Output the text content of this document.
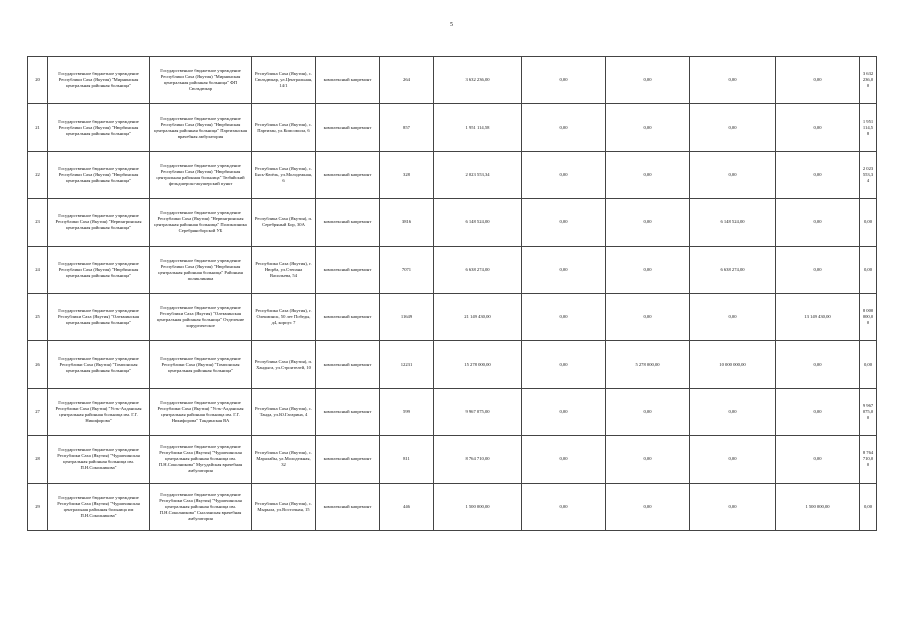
5
20	Государственное бюджетное учреждение Республики Саха (Якутия) "Мирнинская центральная районная больница"	Государственное бюджетное учреждение Республики Саха (Якутия) "Мирнинская центральная районная больница" ФП Сюльдюкар	Республика Саха (Якутия), с. Сюльдюкар, ул.Центральная, 14/1	комплексный капремонт	264	3 632 236,00	0,00	0,00	0,00	0,00	3 632 236,00
21	Государственное бюджетное учреждение Республики Саха (Якутия) "Нюрбинская центральная районная больница"	Государственное бюджетное учреждение Республики Саха (Якутия) "Нюрбинская центральная районная больница" Партизанская врачебная амбулатория	Республика Саха (Якутия), с. Партизан, ул.Комсомола, 6	комплексный капремонт	857	1 951 114,58	0,00	0,00	0,00	0,00	1 951 114,58
22	Государственное бюджетное учреждение Республики Саха (Якутия) "Нюрбинская центральная районная больница"	Государственное бюджетное учреждение Республики Саха (Якутия) "Нюрбинская центральная районная больница" Тюбяйский фельдшерско-акушерский пункт	Республика Саха (Якутия), с. Бясь-Кюёль, ул.Молодежная, 6	комплексный капремонт	328	2 023 553,34	0,00	0,00	0,00	0,00	2 023 553,34
23	Государственное бюджетное учреждение Республики Саха (Якутия) "Нерюнгринская центральная районная больница"	Государственное бюджетное учреждение Республики Саха (Якутия) "Нерюнгринская центральная районная больница" Поликлиника Серебряноборской УБ	Республика Саха (Якутия), п. Серебряный Бор, 30А	комплексный капремонт	3816	6 148 524,00	0,00	0,00	6 148 524,00	0,00	0,00
24	Государственное бюджетное учреждение Республики Саха (Якутия) "Нюрбинская центральная районная больница"	Государственное бюджетное учреждение Республики Саха (Якутия) "Нюрбинская центральная районная больница" Районная поликлиника	Республика Саха (Якутия), г. Нюрба, ул.Степана Васильева, 54	комплексный капремонт	7071	6 638 274,00	0,00	0,00	6 638 274,00	0,00	0,00
25	Государственное бюджетное учреждение Республики Саха (Якутия) "Олекминская центральная районная больница"	Государственное бюджетное учреждение Республики Саха (Якутия) "Олекминская центральная районная больница" Отделение хирургическое	Республика Саха (Якутия), г. Олекминск, 50 лет Победы, д4, корпус 7	комплексный капремонт	11649	21 149 430,00	0,00	0,00	0,00	13 149 430,00	8 000 000,00
26	Государственное бюджетное учреждение Республики Саха (Якутия) "Томпонская центральная районная больница"	Государственное бюджетное учреждение Республики Саха (Якутия) "Томпонская центральная районная больница"	Республика Саха (Якутия), п. Хандыга, ул.Строителей, 10	комплексный капремонт	12231	15 278 000,00	0,00	5 278 000,00	10 000 000,00	0,00	0,00
27	Государственное бюджетное учреждение Республики Саха (Якутия) "Усть-Алданская центральная районная больница им. Г.Г. Никифорова"	Государственное бюджетное учреждение Республики Саха (Якутия) "Усть-Алданская центральная районная больница им. Г.Г. Никифорова" Тандинская ВА	Республика Саха (Якутия), с. Танда, ул.Ю.Гагарина, 4	комплексный капремонт	599	9 967 075,00	0,00	0,00	0,00	0,00	9 967 075,00
28	Государственное бюджетное учреждение Республики Саха (Якутия) "Чурапчинская центральная районная больница им. П.Н.Соколникова"	Государственное бюджетное учреждение Республики Саха (Якутия) "Чурапчинская центральная районная больница им. П.Н.Соколникова" Мугудайская врачебная амбулатория	Республика Саха (Якутия), с. Маралайы, ул.Молодежная, 32	комплексный капремонт	811	8 764 710,00	0,00	0,00	0,00	0,00	8 764 710,00
29	Государственное бюджетное учреждение Республики Саха (Якутия) "Чурапчинская центральная районная больница им П.Н.Соколникова"	Государственное бюджетное учреждение Республики Саха (Якутия) "Чурапчинская центральная районная больница им. П.Н.Соколникова" Сылланская врачебная амбулатория	Республика Саха (Якутия), с. Мырыла, ул.Восточная, 15	комплексный капремонт	446	1 500 000,00	0,00	0,00	0,00	1 500 000,00	0,00
